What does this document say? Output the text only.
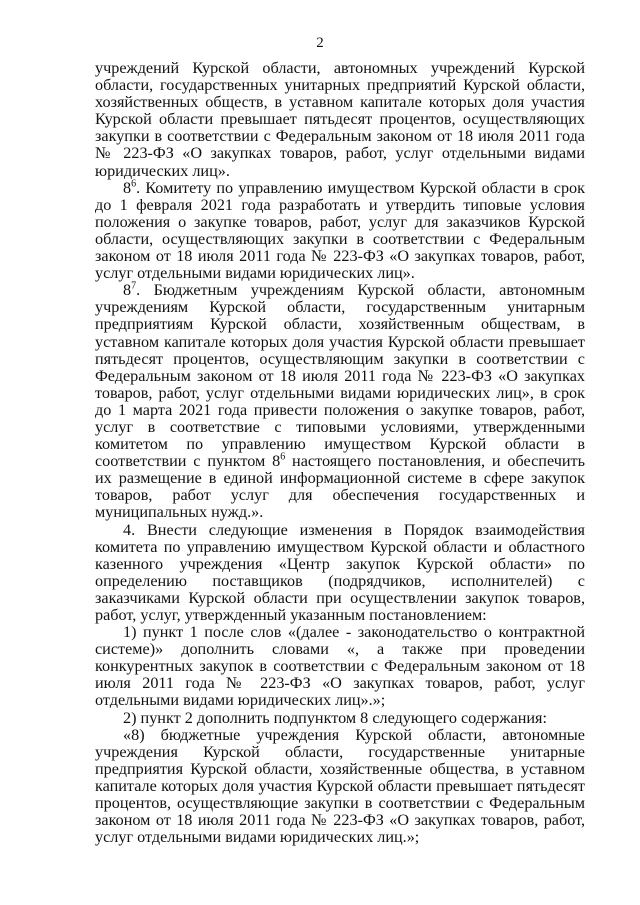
2

учреждений Курской области, автономных учреждений Курской области, государственных унитарных предприятий Курской области, хозяйственных обществ, в уставном капитале которых доля участия Курской области превышает пятьдесят процентов, осуществляющих закупки в соответствии с Федеральным законом от 18 июля 2011 года № 223-ФЗ «О закупках товаров, работ, услуг отдельными видами юридических лиц».

$8^6$. Комитету по управлению имуществом Курской области в срок до 1 февраля 2021 года разработать и утвердить типовые условия положения о закупке товаров, работ, услуг для заказчиков Курской области, осуществляющих закупки в соответствии с Федеральным законом от 18 июля 2011 года № 223-ФЗ «О закупках товаров, работ, услуг отдельными видами юридических лиц».

$8^7$. Бюджетным учреждениям Курской области, автономным учреждениям Курской области, государственным унитарным предприятиям Курской области, хозяйственным обществам, в уставном капитале которых доля участия Курской области превышает пятьдесят процентов, осуществляющим закупки в соответствии с Федеральным законом от 18 июля 2011 года № 223-ФЗ «О закупках товаров, работ, услуг отдельными видами юридических лиц», в срок до 1 марта 2021 года привести положения о закупке товаров, работ, услуг в соответствие с типовыми условиями, утвержденными комитетом по управлению имуществом Курской области в соответствии с пунктом $8^6$ настоящего постановления, и обеспечить их размещение в единой информационной системе в сфере закупок товаров, работ услуг для обеспечения государственных и муниципальных нужд.».

4. Внести следующие изменения в Порядок взаимодействия комитета по управлению имуществом Курской области и областного казенного учреждения «Центр закупок Курской области» по определению поставщиков (подрядчиков, исполнителей) с заказчиками Курской области при осуществлении закупок товаров, работ, услуг, утвержденный указанным постановлением:

1) пункт 1 после слов «(далее - законодательство о контрактной системе)» дополнить словами «, а также при проведении конкурентных закупок в соответствии с Федеральным законом от 18 июля 2011 года № 223-ФЗ «О закупках товаров, работ, услуг отдельными видами юридических лиц».»;

2) пункт 2 дополнить подпунктом 8 следующего содержания:

«8) бюджетные учреждения Курской области, автономные учреждения Курской области, государственные унитарные предприятия Курской области, хозяйственные общества, в уставном капитале которых доля участия Курской области превышает пятьдесят процентов, осуществляющие закупки в соответствии с Федеральным законом от 18 июля 2011 года № 223-ФЗ «О закупках товаров, работ, услуг отдельными видами юридических лиц.»;
